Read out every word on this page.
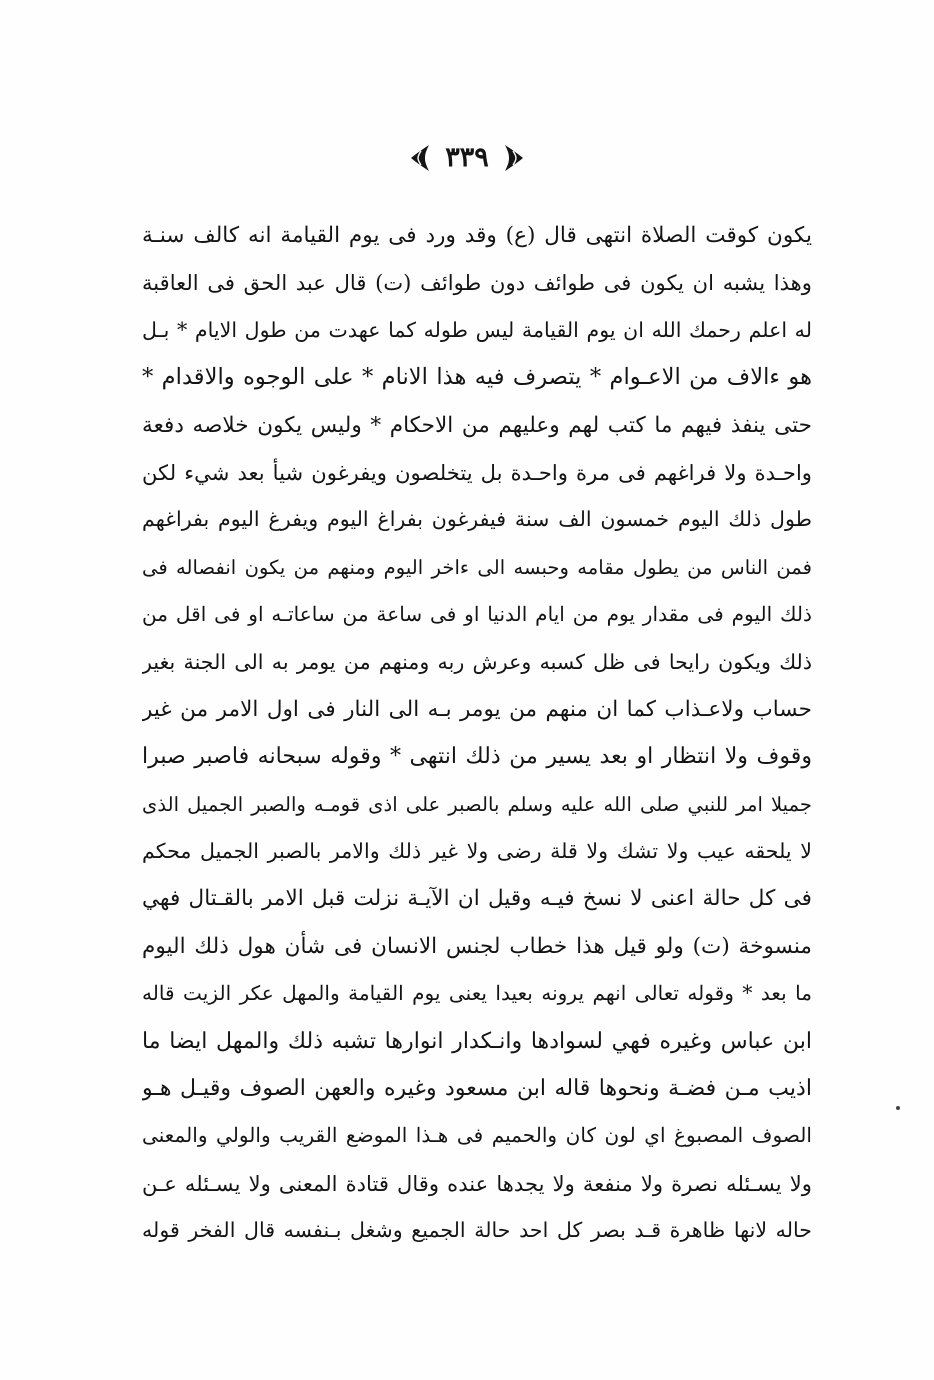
٣٣٩
يكون كوقت الصلاة انتهى قال (ع) وقد ورد فى يوم القيامة انه كالف سنـة
وهذا يشبه ان يكون فى طوائف دون طوائف (ت) قال عبد الحق فى العاقبة
له اعلم رحمك الله ان يوم القيامة ليس طوله كما عهدت من طول الايام * بـل
هو ءالاف من الاعـوام * يتصرف فيه هذا الانام * على الوجوه والاقدام *
حتى ينفذ فيهم ما كتب لهم وعليهم من الاحكام * وليس يكون خلاصه دفعة
واحـدة ولا فراغهم فى مرة واحـدة بل يتخلصون ويفرغون شيأ بعد شيء لكن
طول ذلك اليوم خمسون الف سنة فيفرغون بفراغ اليوم ويفرغ اليوم بفراغهم
فمن الناس من يطول مقامه وحبسه الى ءاخر اليوم ومنهم من يكون انفصاله فى
ذلك اليوم فى مقدار يوم من ايام الدنيا او فى ساعة من ساعاتـه او فى اقل من
ذلك ويكون رايحا فى ظل كسبه وعرش ربه ومنهم من يومر به الى الجنة بغير
حساب ولاعـذاب كما ان منهم من يومر بـه الى النار فى اول الامر من غير
وقوف ولا انتظار او بعد يسير من ذلك انتهى * وقوله سبحانه فاصبر صبرا
جميلا امر للنبي صلى الله عليه وسلم بالصبر على اذى قومـه والصبر الجميل الذى
لا يلحقه عيب ولا تشك ولا قلة رضى ولا غير ذلك والامر بالصبر الجميل محكم
فى كل حالة اعنى لا نسخ فيـه وقيل ان الآيـة نزلت قبل الامر بالقـتال فهي
منسوخة (ت) ولو قيل هذا خطاب لجنس الانسان فى شأن هول ذلك اليوم
ما بعد * وقوله تعالى انهم يرونه بعيدا يعنى يوم القيامة والمهل عكر الزيت قاله
ابن عباس وغيره فهي لسوادها وانـكدار انوارها تشبه ذلك والمهل ايضا ما
اذيب مـن فضـة ونحوها قاله ابن مسعود وغيره والعهن الصوف وقيـل هـو
الصوف المصبوغ اي لون كان والحميم فى هـذا الموضع القريب والولي والمعنى
ولا يسـئله نصرة ولا منفعة ولا يجدها عنده وقال قتادة المعنى ولا يسـئله عـن
حاله لانها ظاهرة قـد بصر كل احد حالة الجميع وشغل بـنفسه قال الفخر قوله
